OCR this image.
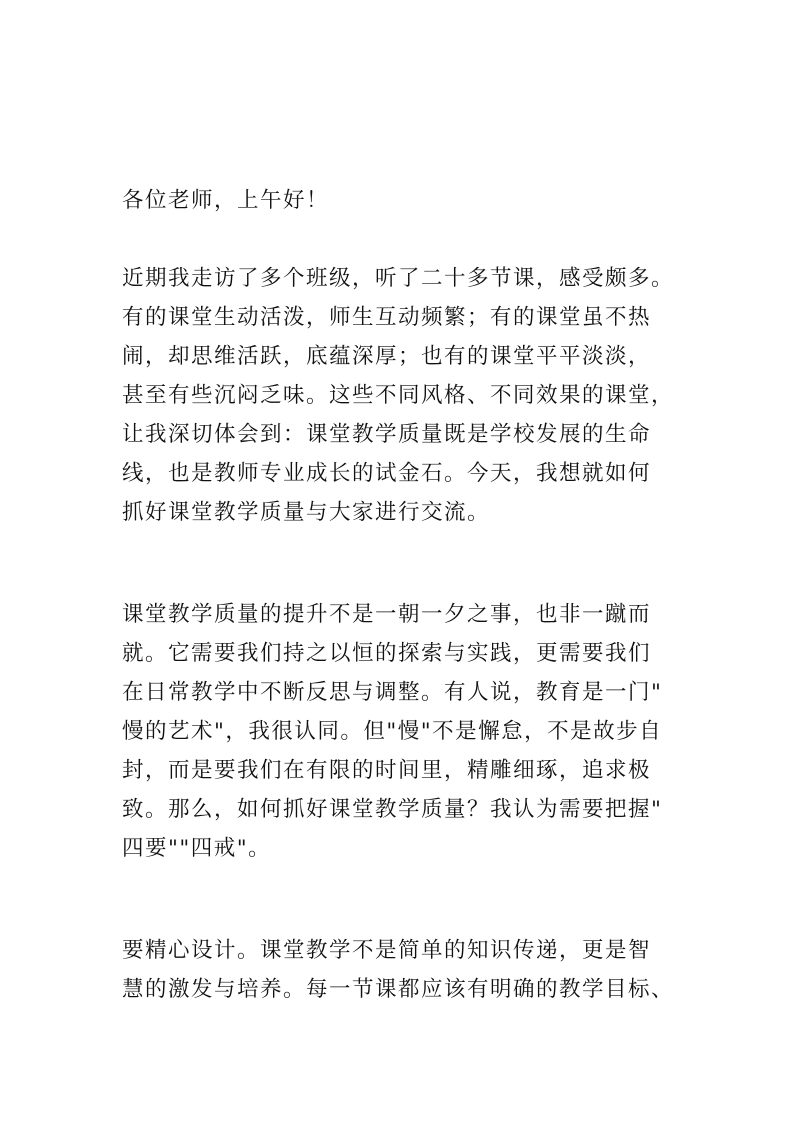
各位老师，上午好！
近期我走访了多个班级，听了二十多节课，感受颇多。
有的课堂生动活泼，师生互动频繁；有的课堂虽不热
闹，却思维活跃，底蕴深厚；也有的课堂平平淡淡，
甚至有些沉闷乏味。这些不同风格、不同效果的课堂，
让我深切体会到：课堂教学质量既是学校发展的生命
线，也是教师专业成长的试金石。今天，我想就如何
抓好课堂教学质量与大家进行交流。
课堂教学质量的提升不是一朝一夕之事，也非一蹴而
就。它需要我们持之以恒的探索与实践，更需要我们
在日常教学中不断反思与调整。有人说，教育是一门"
慢的艺术"，我很认同。但"慢"不是懈怠，不是故步自
封，而是要我们在有限的时间里，精雕细琢，追求极
致。那么，如何抓好课堂教学质量？我认为需要把握"
四要""四戒"。
要精心设计。课堂教学不是简单的知识传递，更是智
慧的激发与培养。每一节课都应该有明确的教学目标、
